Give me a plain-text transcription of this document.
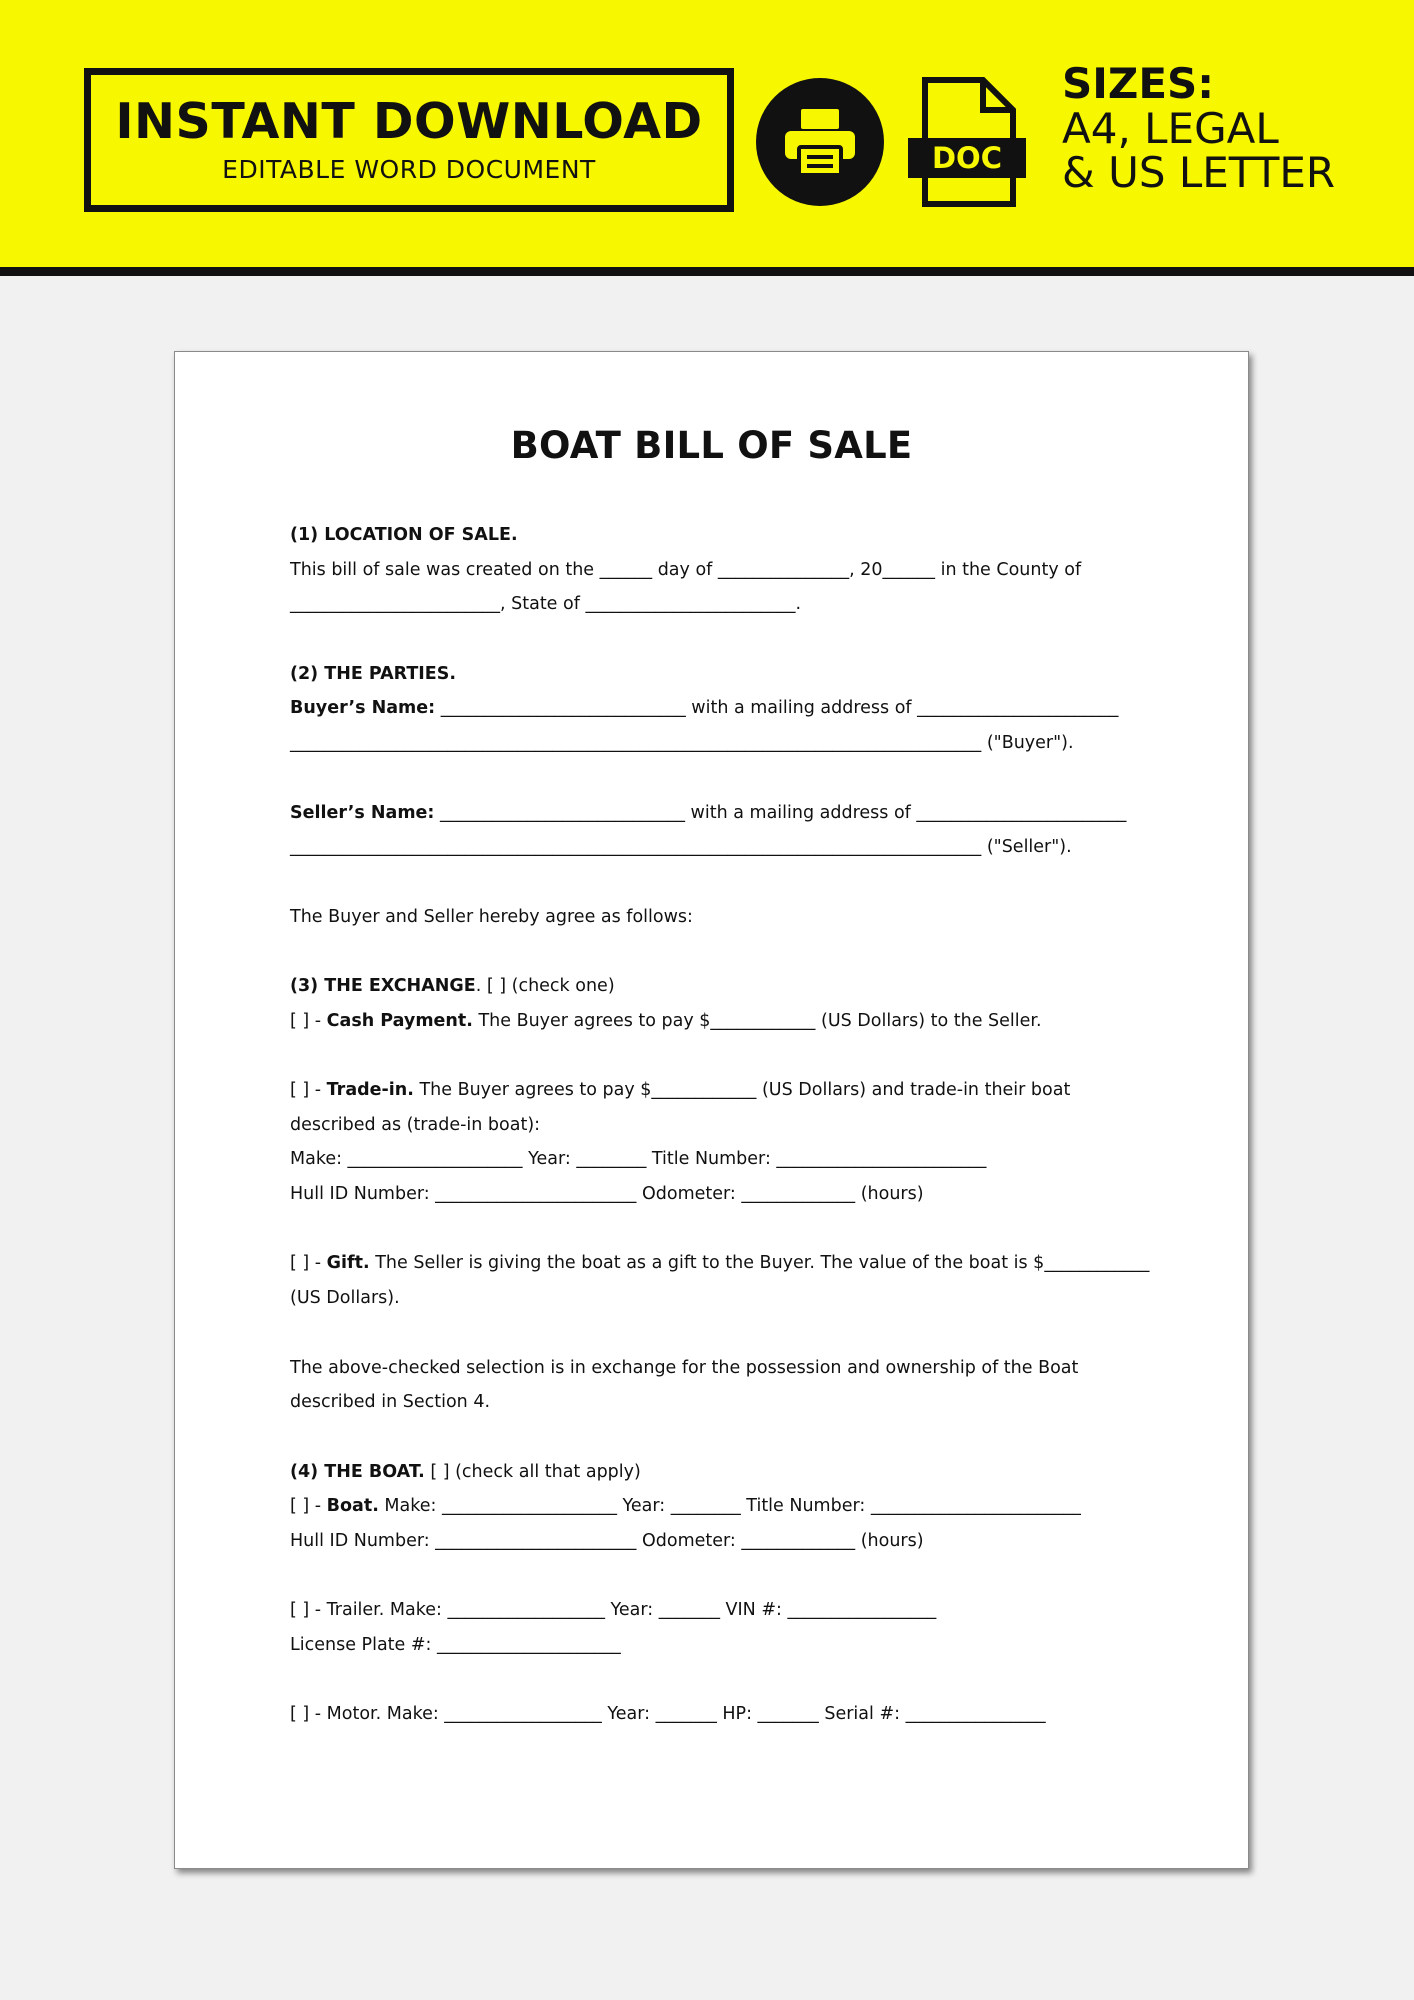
INSTANT DOWNLOAD
EDITABLE WORD DOCUMENT	DOC
SIZES:
A4, LEGAL
& US LETTER
BOAT BILL OF SALE
(1) LOCATION OF SALE.
This bill of sale was created on the ______ day of _______________, 20______ in the County of
________________________, State of ________________________.
(2) THE PARTIES.
Buyer’s Name: ____________________________ with a mailing address of _______________________
_______________________________________________________________________________ ("Buyer").
Seller’s Name: ____________________________ with a mailing address of ________________________
_______________________________________________________________________________ ("Seller").
The Buyer and Seller hereby agree as follows:
(3) THE EXCHANGE. [ ] (check one)
[ ] - Cash Payment. The Buyer agrees to pay $____________ (US Dollars) to the Seller.
[ ] - Trade-in. The Buyer agrees to pay $____________ (US Dollars) and trade-in their boat
described as (trade-in boat):
Make: ____________________ Year: ________ Title Number: ________________________
Hull ID Number: _______________________ Odometer: _____________ (hours)
[ ] - Gift. The Seller is giving the boat as a gift to the Buyer. The value of the boat is $____________
(US Dollars).
The above-checked selection is in exchange for the possession and ownership of the Boat
described in Section 4.
(4) THE BOAT. [ ] (check all that apply)
[ ] - Boat. Make: ____________________ Year: ________ Title Number: ________________________
Hull ID Number: _______________________ Odometer: _____________ (hours)
[ ] - Trailer. Make: __________________ Year: _______ VIN #: _________________
License Plate #: _____________________
[ ] - Motor. Make: __________________ Year: _______ HP: _______ Serial #: ________________
